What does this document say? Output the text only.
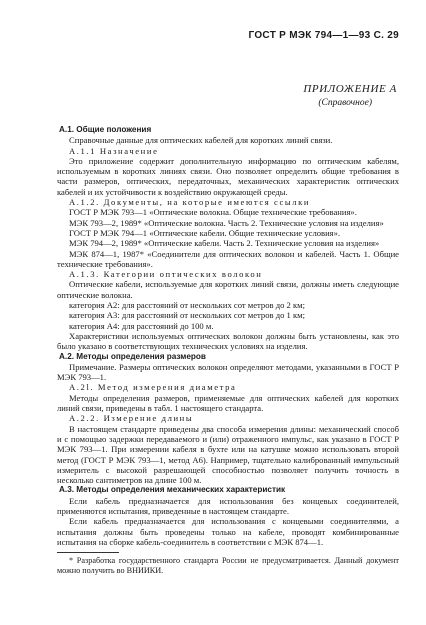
ГОСТ Р МЭК 794—1—93 С. 29
ПРИЛОЖЕНИЕ А
(Справочное)

A.1. Общие положения

Справочные данные для оптических кабелей для коротких линий связи.

A.1.1 Назначение

Это приложение содержит дополнительную информацию по оптическим кабелям, используемым в коротких линиях связи. Оно позволяет определить общие требования в части размеров, оптических, передаточных, механических характеристик оптических кабелей и их устойчивости к воздействию окружающей среды.

A.1.2. Документы, на которые имеются ссылки

ГОСТ Р МЭК 793—1 «Оптические волокна. Общие технические требования».

МЭК 793—2, 1989* «Оптические волокна. Часть 2. Технические условия на изделия»

ГОСТ Р МЭК 794—1 «Оптические кабели. Общие технические условия».

МЭК 794—2, 1989* «Оптические кабели. Часть 2. Технические условия на изделия»

МЭК 874—1, 1987* «Соединители для оптических волокон и кабелей. Часть 1. Общие технические требования».

A.1.3. Категории оптических волокон

Оптические кабели, используемые для коротких линий связи, должны иметь следующие оптические волокна.

категория A2: для расстояний от нескольких сот метров до 2 км;

категория A3: для расстояний от нескольких сот метров до 1 км;

категория A4: для расстояний до 100 м.

Характеристики используемых оптических волокон должны быть установлены, как это было указано в соответствующих технических условиях на изделия.

A.2. Методы определения размеров

Примечание. Размеры оптических волокон определяют методами, указанными в ГОСТ Р МЭК 793—1.

A.2l. Метод измерения диаметра

Методы определения размеров, применяемые для оптических кабелей для коротких линий связи, приведены в табл. 1 настоящего стандарта.

A.2.2. Измерение длины

В настоящем стандарте приведены два способа измерения длины: механический способ и с помощью задержки передаваемого и (или) отраженного импульс, как указано в ГОСТ Р МЭК 793—1. При измерении кабеля в бухте или на катушке можно использовать второй метод (ГОСТ Р МЭК 793—1, метод А6). Например, тщательно калиброванный импульсный измеритель с высокой разрешающей способностью позволяет получить точность в несколько сантиметров на длине 100 м.

A.3. Методы определения механических характеристик

Если кабель предназначается для использования без концевых соединителей, применяются испытания, приведенные в настоящем стандарте.

Если кабель предназначается для использования с концевыми соединителями, а испытания должны быть проведены только на кабеле, проводят комбинированные испытания на сборке кабель-соединитель в соответствии с МЭК 874—1.

* Разработка государственного стандарта России не предусматривается. Данный документ можно получить во ВНИИКИ.
